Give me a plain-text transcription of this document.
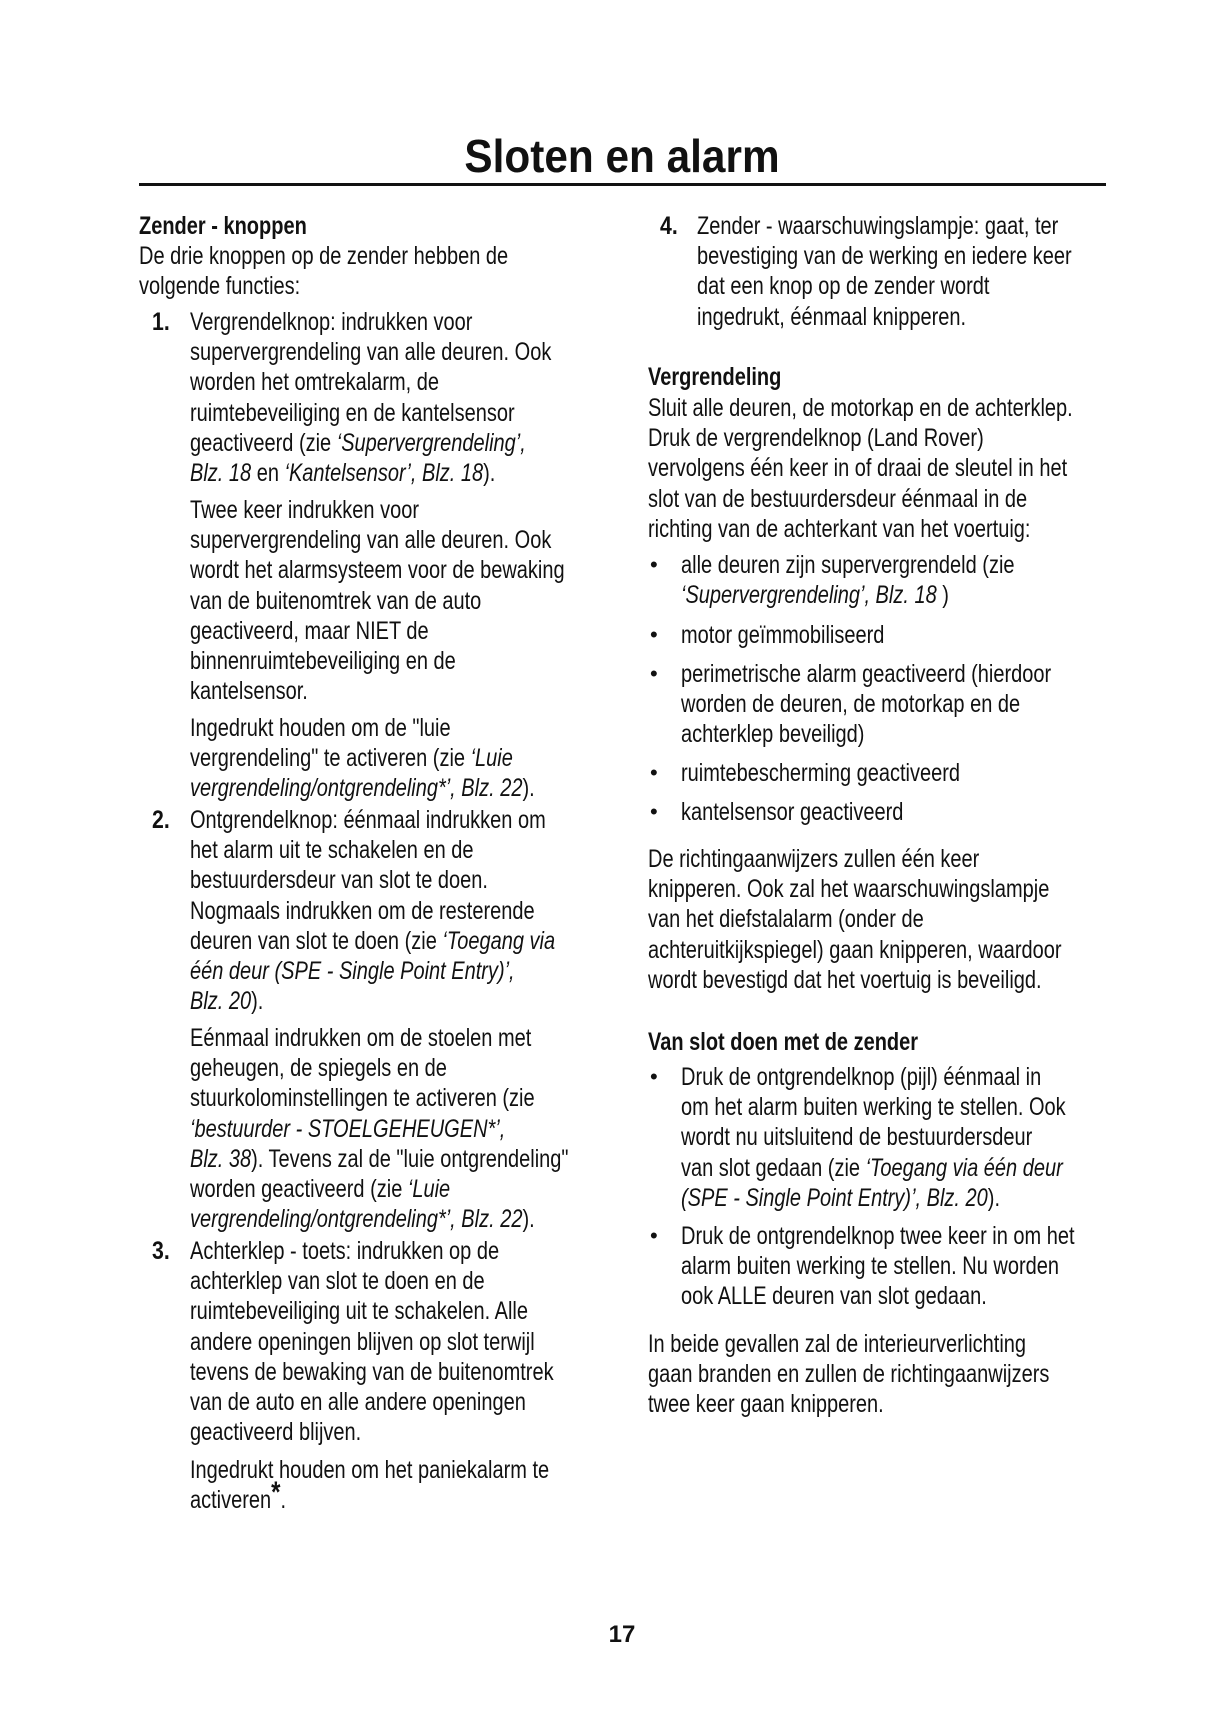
Sloten en alarm
Zender - knoppen
De drie knoppen op de zender hebben de
volgende functies:
1. Vergrendelknop: indrukken voor
supervergrendeling van alle deuren. Ook
worden het omtrekalarm, de
ruimtebeveiliging en de kantelsensor
geactiveerd (zie ‘Supervergrendeling’,
Blz. 18 en ‘Kantelsensor’, Blz. 18).
Twee keer indrukken voor
supervergrendeling van alle deuren. Ook
wordt het alarmsysteem voor de bewaking
van de buitenomtrek van de auto
geactiveerd, maar NIET de
binnenruimtebeveiliging en de
kantelsensor.
Ingedrukt houden om de "luie
vergrendeling" te activeren (zie ‘Luie
vergrendeling/ontgrendeling*’, Blz. 22).
2. Ontgrendelknop: éénmaal indrukken om
het alarm uit te schakelen en de
bestuurdersdeur van slot te doen.
Nogmaals indrukken om de resterende
deuren van slot te doen (zie ‘Toegang via
één deur (SPE - Single Point Entry)’,
Blz. 20).
Eénmaal indrukken om de stoelen met
geheugen, de spiegels en de
stuurkolominstellingen te activeren (zie
‘bestuurder - STOELGEHEUGEN*’,
Blz. 38). Tevens zal de "luie ontgrendeling"
worden geactiveerd (zie ‘Luie
vergrendeling/ontgrendeling*’, Blz. 22).
3. Achterklep - toets: indrukken op de
achterklep van slot te doen en de
ruimtebeveiliging uit te schakelen. Alle
andere openingen blijven op slot terwijl
tevens de bewaking van de buitenomtrek
van de auto en alle andere openingen
geactiveerd blijven.
Ingedrukt houden om het paniekalarm te
activeren*.
4. Zender - waarschuwingslampje: gaat, ter
bevestiging van de werking en iedere keer
dat een knop op de zender wordt
ingedrukt, éénmaal knipperen.
Vergrendeling
Sluit alle deuren, de motorkap en de achterklep.
Druk de vergrendelknop (Land Rover)
vervolgens één keer in of draai de sleutel in het
slot van de bestuurdersdeur éénmaal in de
richting van de achterkant van het voertuig:
• alle deuren zijn supervergrendeld (zie
‘Supervergrendeling’, Blz. 18 )
• motor geïmmobiliseerd
• perimetrische alarm geactiveerd (hierdoor
worden de deuren, de motorkap en de
achterklep beveiligd)
• ruimtebescherming geactiveerd
• kantelsensor geactiveerd
De richtingaanwijzers zullen één keer
knipperen. Ook zal het waarschuwingslampje
van het diefstalalarm (onder de
achteruitkijkspiegel) gaan knipperen, waardoor
wordt bevestigd dat het voertuig is beveiligd.
Van slot doen met de zender
• Druk de ontgrendelknop (pijl) éénmaal in
om het alarm buiten werking te stellen. Ook
wordt nu uitsluitend de bestuurdersdeur
van slot gedaan (zie ‘Toegang via één deur
(SPE - Single Point Entry)’, Blz. 20).
• Druk de ontgrendelknop twee keer in om het
alarm buiten werking te stellen. Nu worden
ook ALLE deuren van slot gedaan.
In beide gevallen zal de interieurverlichting
gaan branden en zullen de richtingaanwijzers
twee keer gaan knipperen.
17
